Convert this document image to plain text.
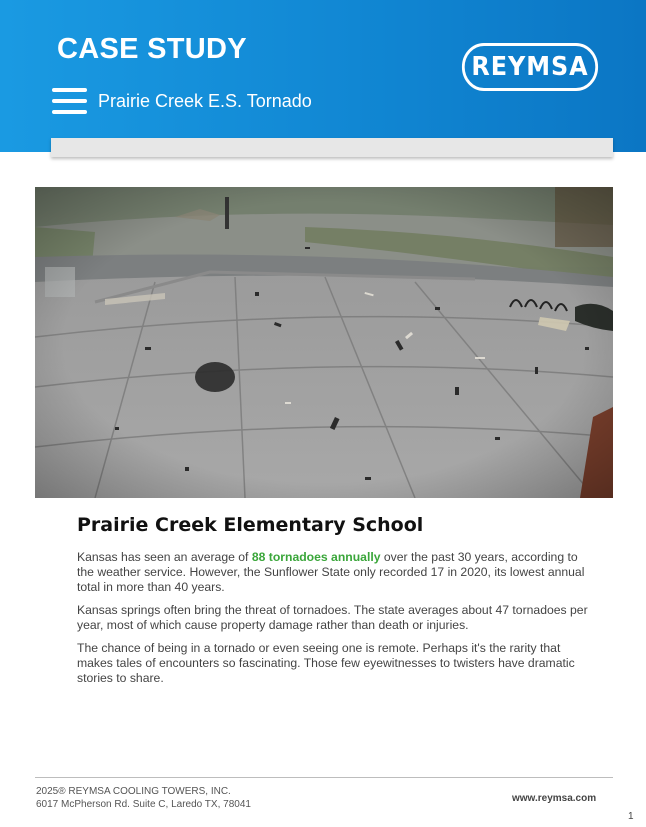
CASE STUDY
Prairie Creek E.S. Tornado
REYMSA
Prairie Creek Elementary School

Kansas has seen an average of 88 tornadoes annually over the past 30 years, according to the weather service. However, the Sunflower State only recorded 17 in 2020, its lowest annual total in more than 40 years.

Kansas springs often bring the threat of tornadoes. The state averages about 47 tornadoes per year, most of which cause property damage rather than death or injuries.

The chance of being in a tornado or even seeing one is remote. Perhaps it's the rarity that makes tales of encounters so fascinating. Those few eyewitnesses to twisters have dramatic stories to share.

2025® REYMSA COOLING TOWERS, INC.
6017 McPherson Rd. Suite C, Laredo TX, 78041
www.reymsa.com
1
